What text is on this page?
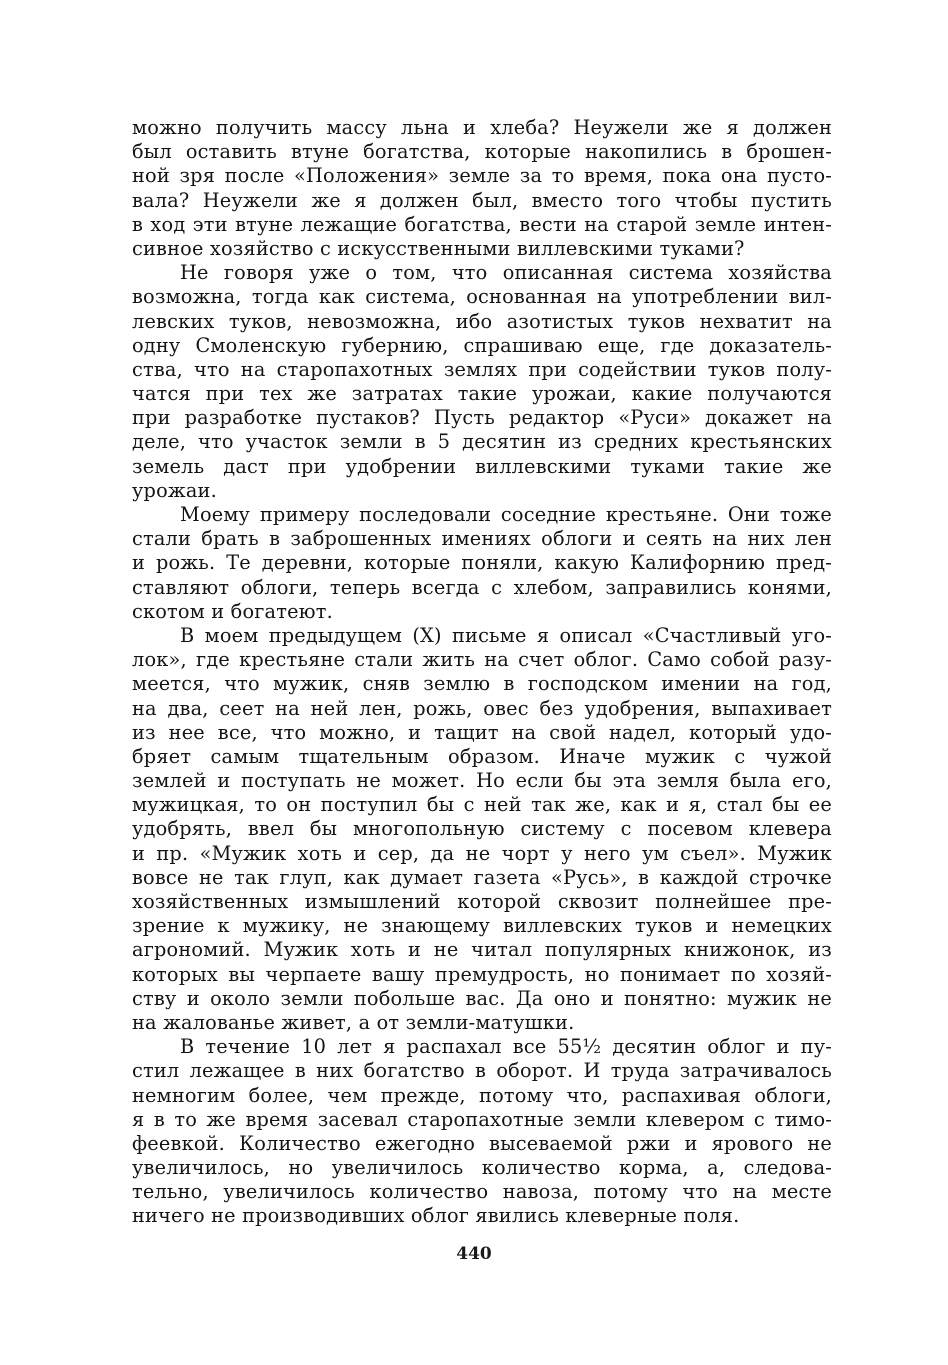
можно получить массу льна и хлеба? Неужели же я должен
был оставить втуне богатства, которые накопились в брошен-
ной зря после «Положения» земле за то время, пока она пусто-
вала? Неужели же я должен был, вместо того чтобы пустить
в ход эти втуне лежащие богатства, вести на старой земле интен-
сивное хозяйство с искусственными виллевскими туками?
Не говоря уже о том, что описанная система хозяйства
возможна, тогда как система, основанная на употреблении вил-
левских туков, невозможна, ибо азотистых туков нехватит на
одну Смоленскую губернию, спрашиваю еще, где доказатель-
ства, что на старопахотных землях при содействии туков полу-
чатся при тех же затратах такие урожаи, какие получаются
при разработке пустаков? Пусть редактор «Руси» докажет на
деле, что участок земли в 5 десятин из средних крестьянских
земель даст при удобрении виллевскими туками такие же
урожаи.
Моему примеру последовали соседние крестьяне. Они тоже
стали брать в заброшенных имениях облоги и сеять на них лен
и рожь. Те деревни, которые поняли, какую Калифорнию пред-
ставляют облоги, теперь всегда с хлебом, заправились конями,
скотом и богатеют.
В моем предыдущем (X) письме я описал «Счастливый уго-
лок», где крестьяне стали жить на счет облог. Само собой разу-
меется, что мужик, сняв землю в господском имении на год,
на два, сеет на ней лен, рожь, овес без удобрения, выпахивает
из нее все, что можно, и тащит на свой надел, который удо-
бряет самым тщательным образом. Иначе мужик с чужой
землей и поступать не может. Но если бы эта земля была его,
мужицкая, то он поступил бы с ней так же, как и я, стал бы ее
удобрять, ввел бы многопольную систему с посевом клевера
и пр. «Мужик хоть и сер, да не чорт у него ум съел». Мужик
вовсе не так глуп, как думает газета «Русь», в каждой строчке
хозяйственных измышлений которой сквозит полнейшее пре-
зрение к мужику, не знающему виллевских туков и немецких
агрономий. Мужик хоть и не читал популярных книжонок, из
которых вы черпаете вашу премудрость, но понимает по хозяй-
ству и около земли побольше вас. Да оно и понятно: мужик не
на жалованье живет, а от земли-матушки.
В течение 10 лет я распахал все 55½ десятин облог и пу-
стил лежащее в них богатство в оборот. И труда затрачивалось
немногим более, чем прежде, потому что, распахивая облоги,
я в то же время засевал старопахотные земли клевером с тимо-
феевкой. Количество ежегодно высеваемой ржи и ярового не
увеличилось, но увеличилось количество корма, а, следова-
тельно, увеличилось количество навоза, потому что на месте
ничего не производивших облог явились клеверные поля.
440
